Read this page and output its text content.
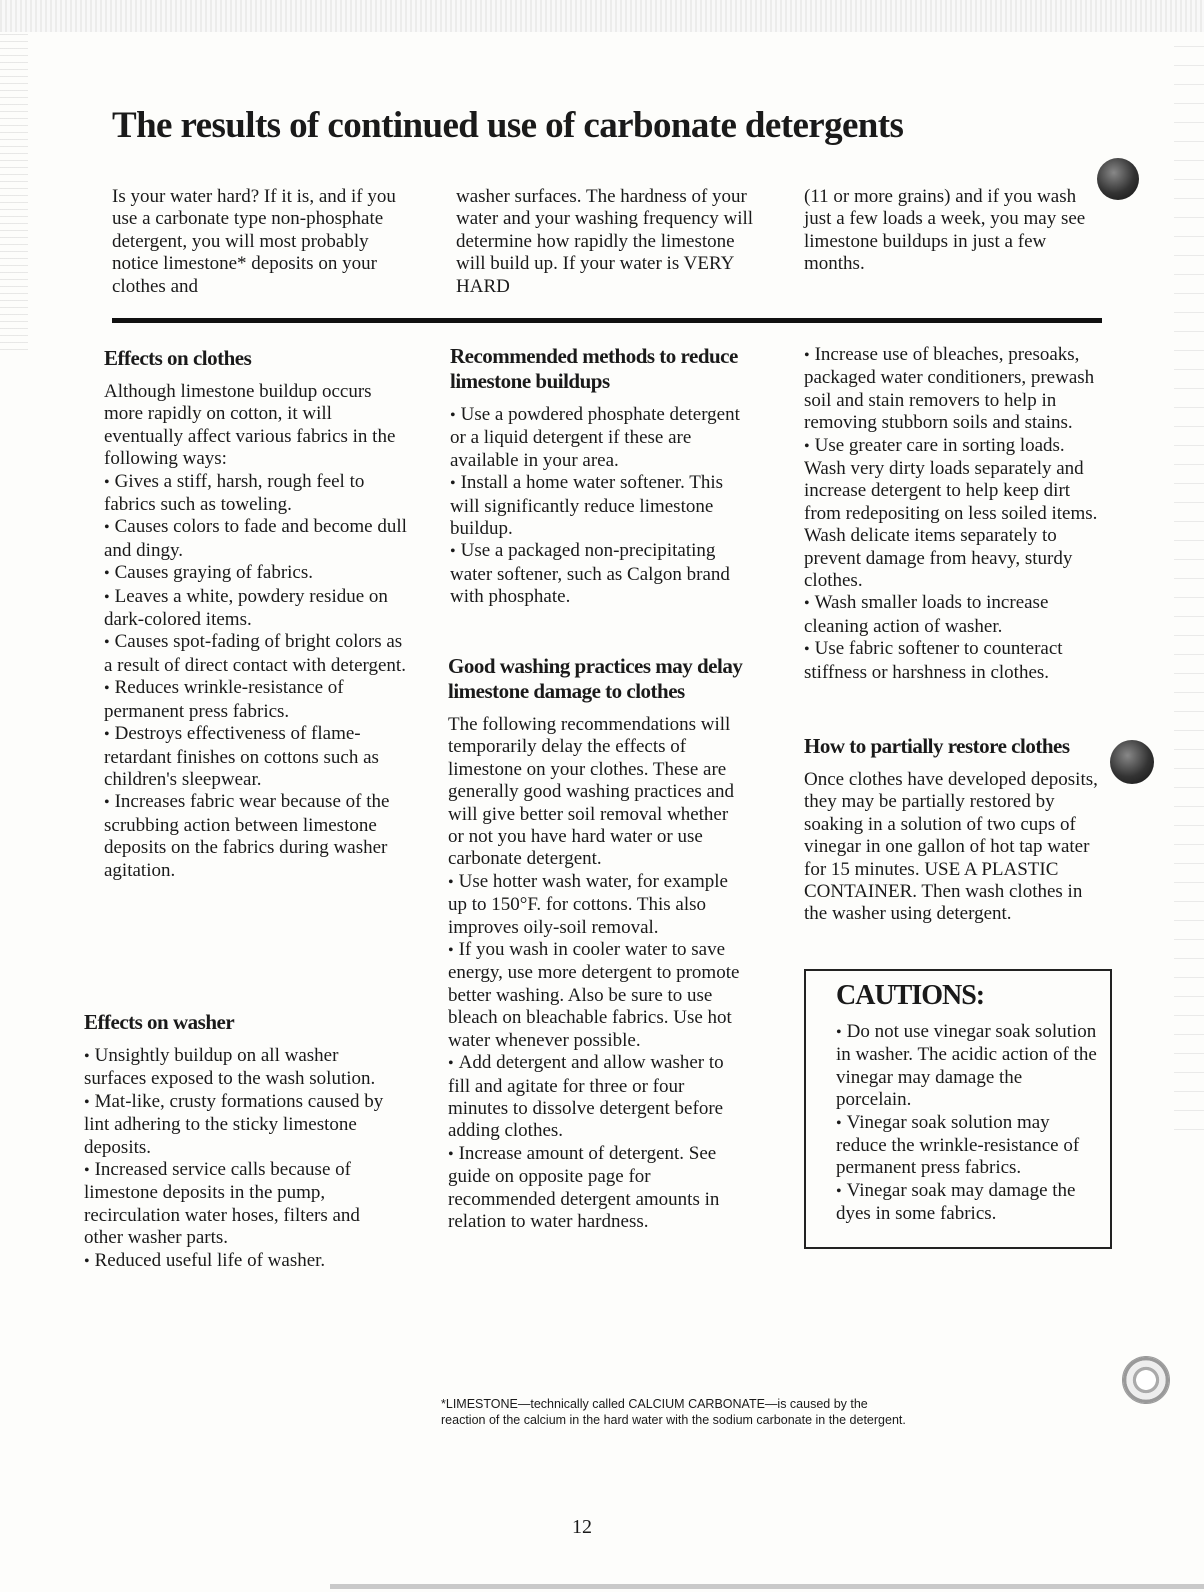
The results of continued use of carbonate detergents

Is your water hard? If it is, and if you use a carbonate type non-phosphate detergent, you will most probably notice limestone* deposits on your clothes and

washer surfaces. The hardness of your water and your washing frequency will determine how rapidly the limestone will build up. If your water is VERY HARD

(11 or more grains) and if you wash just a few loads a week, you may see limestone buildups in just a few months.

Effects on clothes

Although limestone buildup occurs more rapidly on cotton, it will eventually affect various fabrics in the following ways:

• Gives a stiff, harsh, rough feel to fabrics such as toweling.

• Causes colors to fade and become dull and dingy.

• Causes graying of fabrics.

• Leaves a white, powdery residue on dark-colored items.

• Causes spot-fading of bright colors as a result of direct contact with detergent.

• Reduces wrinkle-resistance of permanent press fabrics.

• Destroys effectiveness of flame-retardant finishes on cottons such as children's sleepwear.

• Increases fabric wear because of the scrubbing action between limestone deposits on the fabrics during washer agitation.

Effects on washer

• Unsightly buildup on all washer surfaces exposed to the wash solution.

• Mat-like, crusty formations caused by lint adhering to the sticky limestone deposits.

• Increased service calls because of limestone deposits in the pump, recirculation water hoses, filters and other washer parts.

• Reduced useful life of washer.

Recommended methods to reduce limestone buildups

• Use a powdered phosphate detergent or a liquid detergent if these are available in your area.

• Install a home water softener. This will significantly reduce limestone buildup.

• Use a packaged non-precipitating water softener, such as Calgon brand with phosphate.

Good washing practices may delay limestone damage to clothes

The following recommendations will temporarily delay the effects of limestone on your clothes. These are generally good washing practices and will give better soil removal whether or not you have hard water or use carbonate detergent.

• Use hotter wash water, for example up to 150°F. for cottons. This also improves oily-soil removal.

• If you wash in cooler water to save energy, use more detergent to promote better washing. Also be sure to use bleach on bleachable fabrics. Use hot water whenever possible.

• Add detergent and allow washer to fill and agitate for three or four minutes to dissolve detergent before adding clothes.

• Increase amount of detergent. See guide on opposite page for recommended detergent amounts in relation to water hardness.

• Increase use of bleaches, presoaks, packaged water conditioners, prewash soil and stain removers to help in removing stubborn soils and stains.

• Use greater care in sorting loads. Wash very dirty loads separately and increase detergent to help keep dirt from redepositing on less soiled items. Wash delicate items separately to prevent damage from heavy, sturdy clothes.

• Wash smaller loads to increase cleaning action of washer.

• Use fabric softener to counteract stiffness or harshness in clothes.

How to partially restore clothes

Once clothes have developed deposits, they may be partially restored by soaking in a solution of two cups of vinegar in one gallon of hot tap water for 15 minutes. USE A PLASTIC CONTAINER. Then wash clothes in the washer using detergent.

CAUTIONS:

• Do not use vinegar soak solution in washer. The acidic action of the vinegar may damage the porcelain.

• Vinegar soak solution may reduce the wrinkle-resistance of permanent press fabrics.

• Vinegar soak may damage the dyes in some fabrics.

*LIMESTONE—technically called CALCIUM CARBONATE—is caused by the

reaction of the calcium in the hard water with the sodium carbonate in the detergent.

12
